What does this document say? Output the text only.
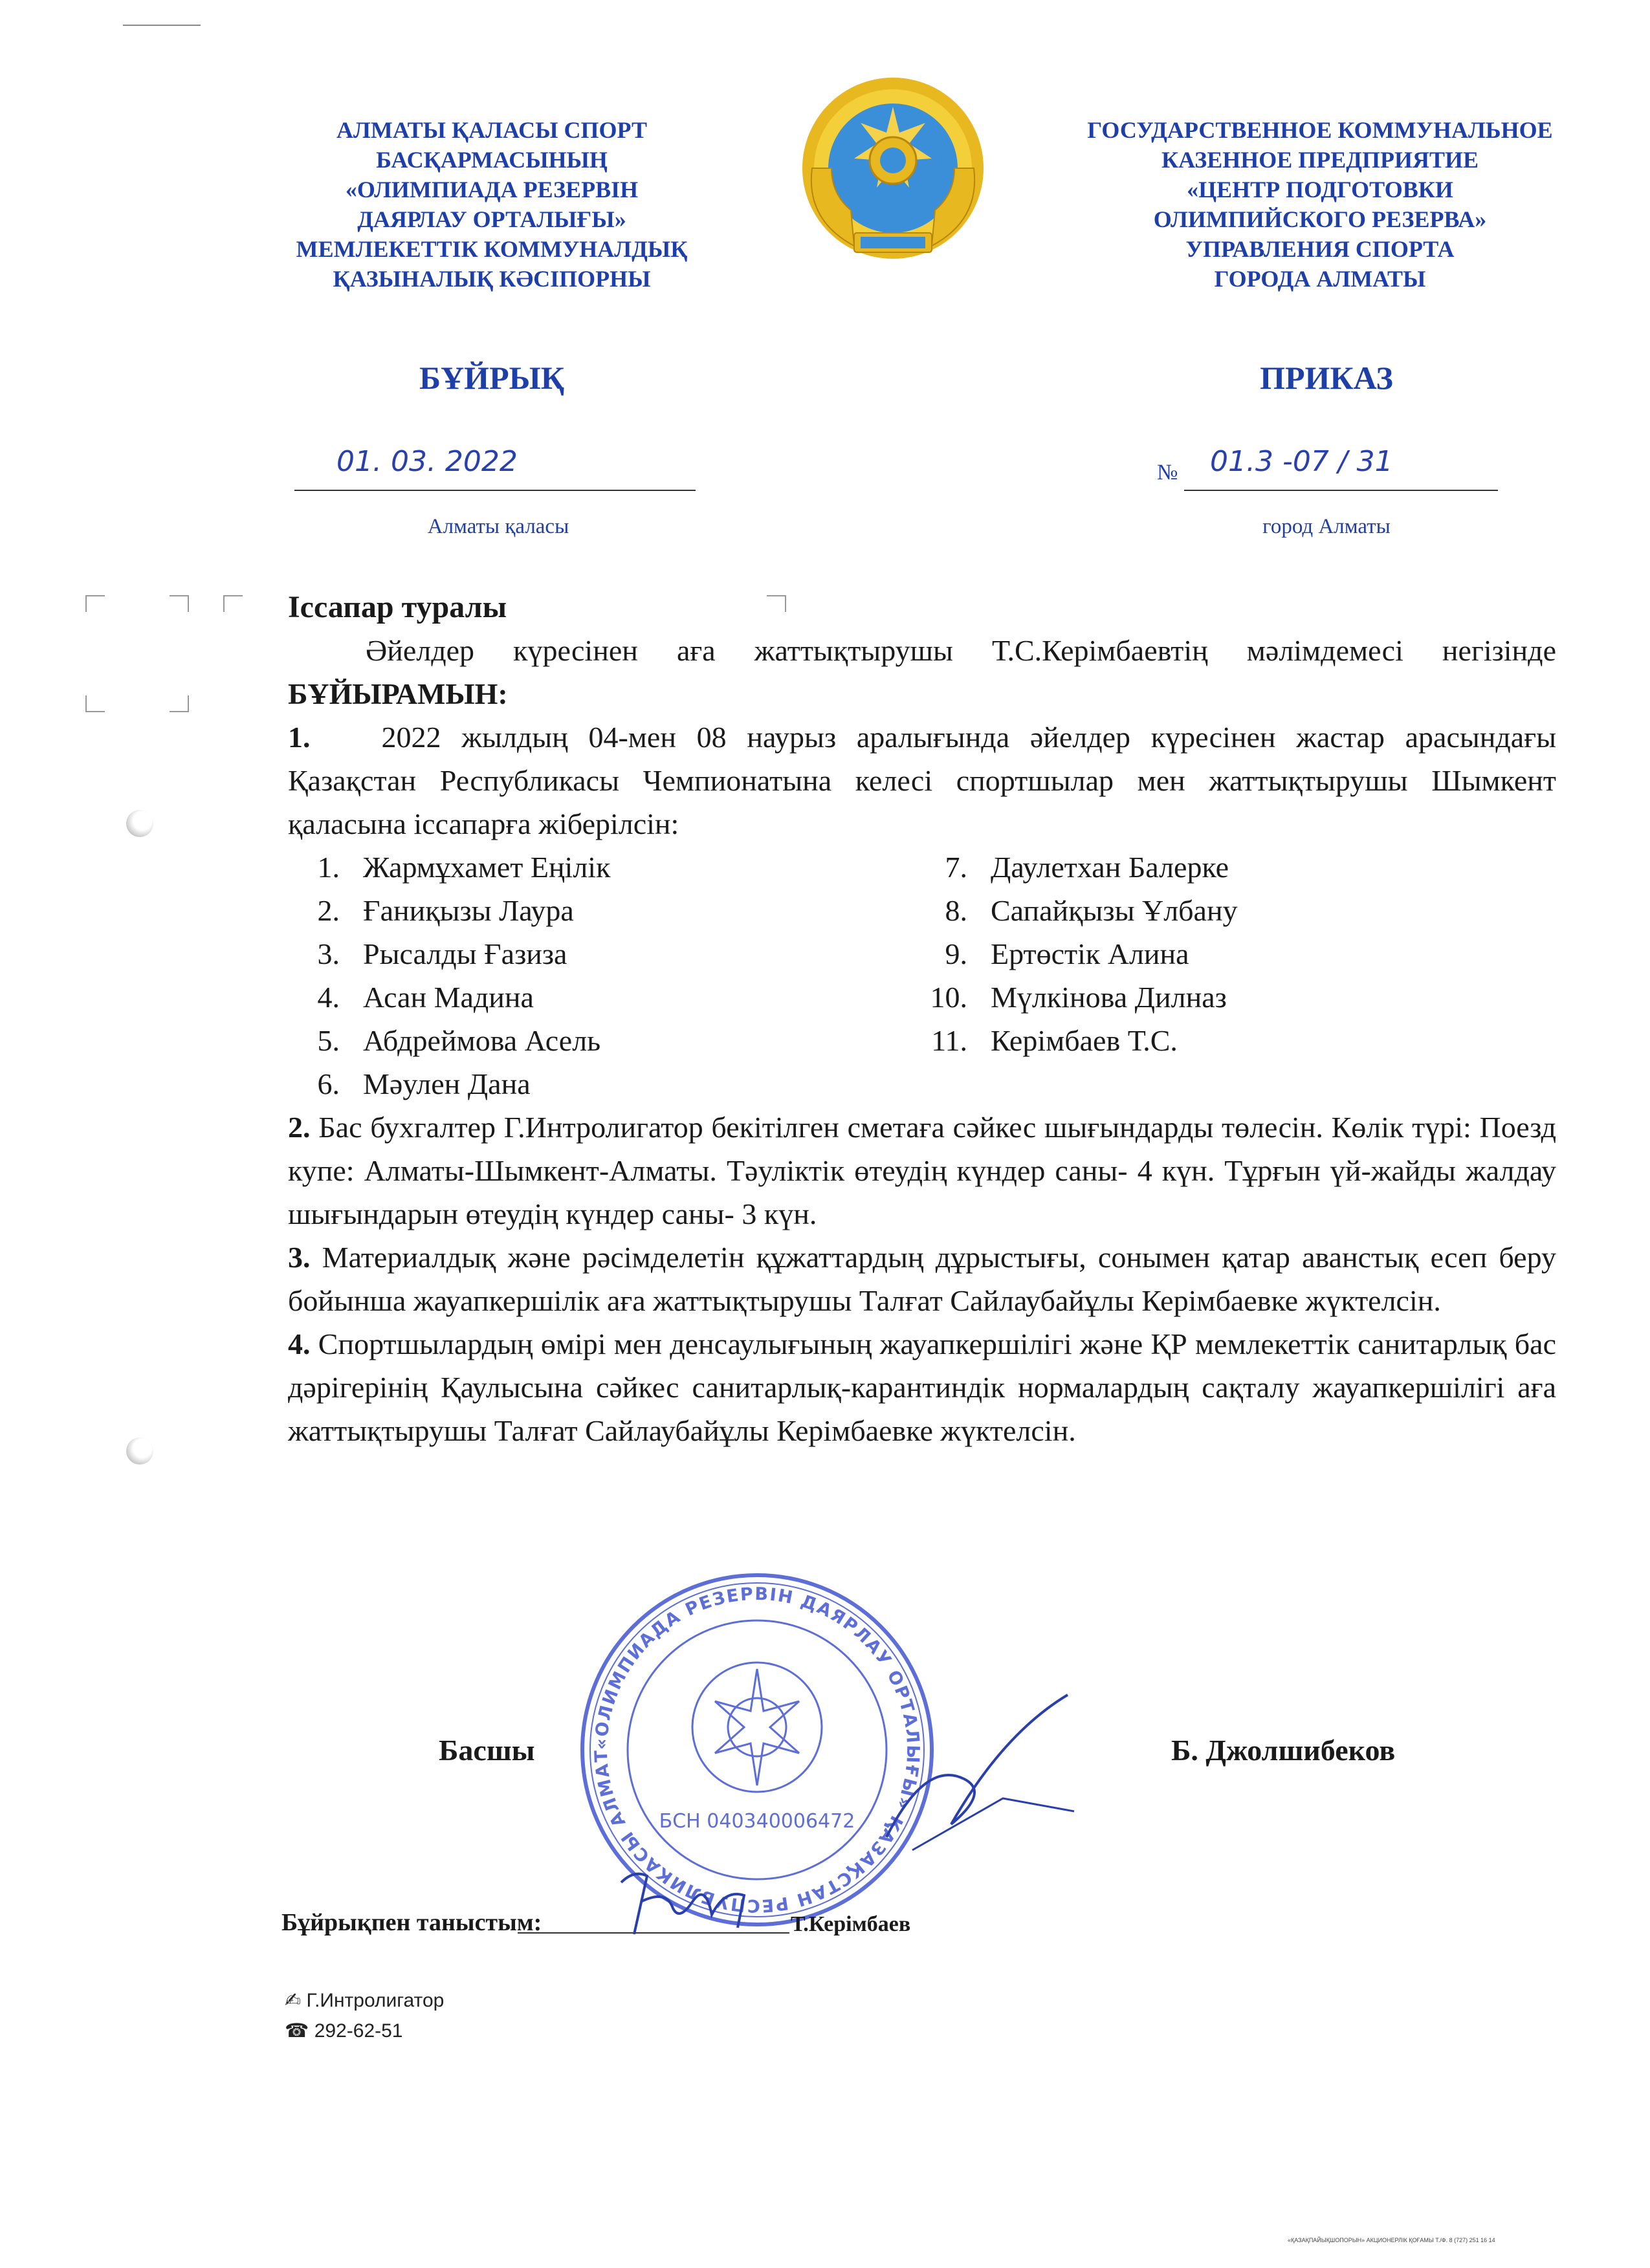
АЛМАТЫ ҚАЛАСЫ СПОРТ
БАСҚАРМАСЫНЫҢ
«ОЛИМПИАДА РЕЗЕРВІН
ДАЯРЛАУ ОРТАЛЫҒЫ»
МЕМЛЕКЕТТІК КОММУНАЛДЫҚ
ҚАЗЫНАЛЫҚ КӘСІПОРНЫ
ГОСУДАРСТВЕННОЕ КОММУНАЛЬНОЕ
КАЗЕННОЕ ПРЕДПРИЯТИЕ
«ЦЕНТР ПОДГОТОВКИ
ОЛИМПИЙСКОГО РЕЗЕРВА»
УПРАВЛЕНИЯ СПОРТА
ГОРОДА АЛМАТЫ
БҰЙРЫҚ	ПРИКАЗ
01. 03. 2022	№ 01.3 -07 / 31
Алматы қаласы	город Алматы
Іссапар туралы
Әйелдер күресінен аға жаттықтырушы Т.С.Керімбаевтің мәлімдемесі негізінде БҰЙЫРАМЫН:
1. 2022 жылдың 04-мен 08 наурыз аралығында әйелдер күресінен жастар арасындағы Қазақстан Республикасы Чемпионатына келесі спортшылар мен жаттықтырушы Шымкент қаласына іссапарға жіберілсін:
1. Жармұхамет Еңілік
2. Ғаниқызы Лаура
3. Рысалды Ғазиза
4. Асан Мадина
5. Абдреймова Асель
6. Мәулен Дана
7. Даулетхан Балерке
8. Сапайқызы Ұлбану
9. Ертөстік Алина
10. Мүлкінова Дилназ
11. Керімбаев Т.С.
2. Бас бухгалтер Г.Интролигатор бекітілген сметаға сәйкес шығындарды төлесін. Көлік түрі: Поезд купе: Алматы-Шымкент-Алматы. Тәуліктік өтеудің күндер саны- 4 күн. Тұрғын үй-жайды жалдау шығындарын өтеудің күндер саны- 3 күн.
3. Материалдық және рәсімделетін құжаттардың дұрыстығы, сонымен қатар аванстық есеп беру бойынша жауапкершілік аға жаттықтырушы Талғат Сайлаубайұлы Керімбаевке жүктелсін.
4. Спортшылардың өмірі мен денсаулығының жауапкершілігі және ҚР мемлекеттік санитарлық бас дәрігерінің Қаулысына сәйкес санитарлық-карантиндік нормалардың сақталу жауапкершілігі аға жаттықтырушы Талғат Сайлаубайұлы Керімбаевке жүктелсін.
«ОЛИМПИАДА РЕЗЕРВІН ДАЯРЛАУ ОРТАЛЫҒЫ» ҚАЗАҚСТАН РЕСПУБЛИКАСЫ АЛМАТ
БСН 040340006472
Басшы	Б. Джолшибеков
Бұйрықпен таныстым:	Т.Керімбаев
✍ Г.Интролигатор
☎ 292-62-51
«ҚАЗАҚПАЙЫҚШОПОРЫН» АКЦИОНЕРЛІК ҚОҒАМЫ Т./Ф. 8 (727) 251 16 14
